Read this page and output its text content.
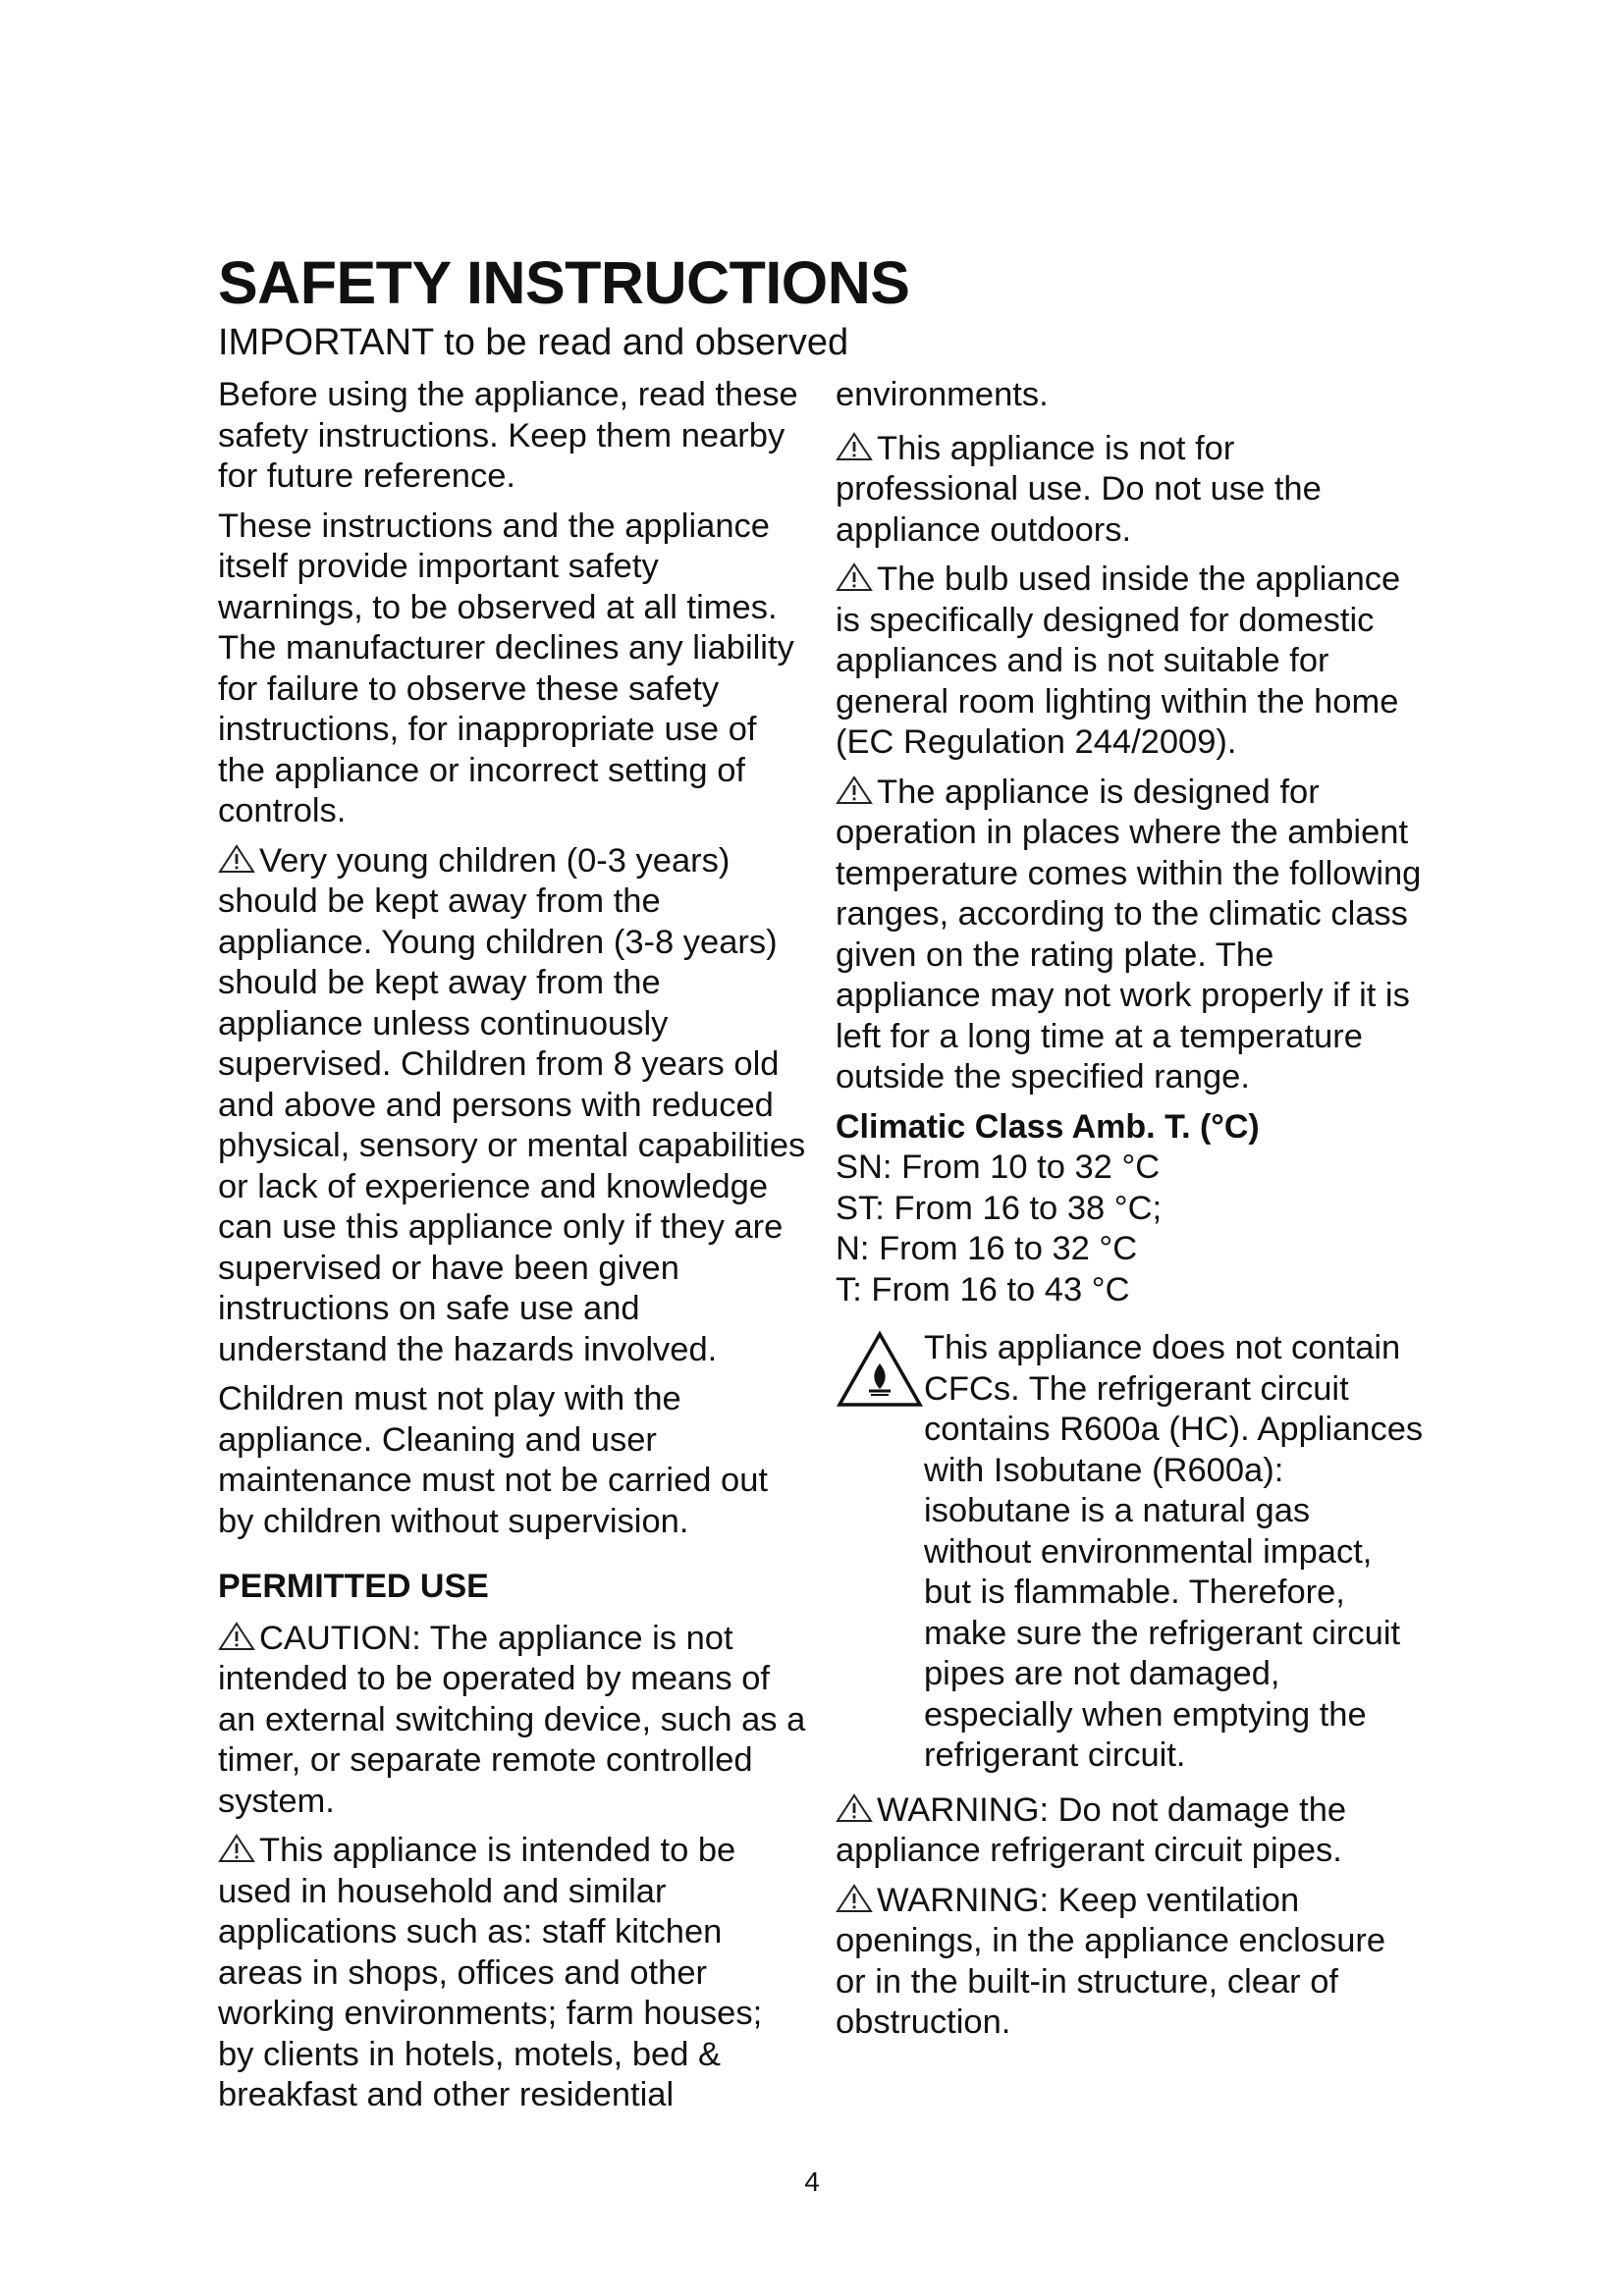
SAFETY INSTRUCTIONS
IMPORTANT to be read and observed

Before using the appliance, read these safety instructions. Keep them nearby for future reference.

These instructions and the appliance itself provide important safety warnings, to be observed at all times. The manufacturer declines any liability for failure to observe these safety instructions, for inappropriate use of the appliance or incorrect setting of controls.

Very young children (0-3 years) should be kept away from the appliance. Young children (3-8 years) should be kept away from the appliance unless continuously supervised. Children from 8 years old and above and persons with reduced physical, sensory or mental capabilities or lack of experience and knowledge can use this appliance only if they are supervised or have been given instructions on safe use and understand the hazards involved.

Children must not play with the appliance. Cleaning and user maintenance must not be carried out by children without supervision.

PERMITTED USE

CAUTION: The appliance is not intended to be operated by means of an external switching device, such as a timer, or separate remote controlled system.

This appliance is intended to be used in household and similar applications such as: staff kitchen areas in shops, offices and other working environments; farm houses; by clients in hotels, motels, bed & breakfast and other residential

environments.

This appliance is not for professional use. Do not use the appliance outdoors.

The bulb used inside the appliance is specifically designed for domestic appliances and is not suitable for general room lighting within the home (EC Regulation 244/2009).

The appliance is designed for operation in places where the ambient temperature comes within the following ranges, according to the climatic class given on the rating plate. The appliance may not work properly if it is left for a long time at a temperature outside the specified range.

Climatic Class Amb. T. (°C)
SN: From 10 to 32 °C
ST: From 16 to 38 °C;
N: From 16 to 32 °C
T: From 16 to 43 °C
This appliance does not contain CFCs. The refrigerant circuit contains R600a (HC). Appliances with Isobutane (R600a): isobutane is a natural gas without environmental impact, but is flammable. Therefore, make sure the refrigerant circuit pipes are not damaged, especially when emptying the refrigerant circuit.

WARNING: Do not damage the appliance refrigerant circuit pipes.

WARNING: Keep ventilation openings, in the appliance enclosure or in the built-in structure, clear of obstruction.

4
